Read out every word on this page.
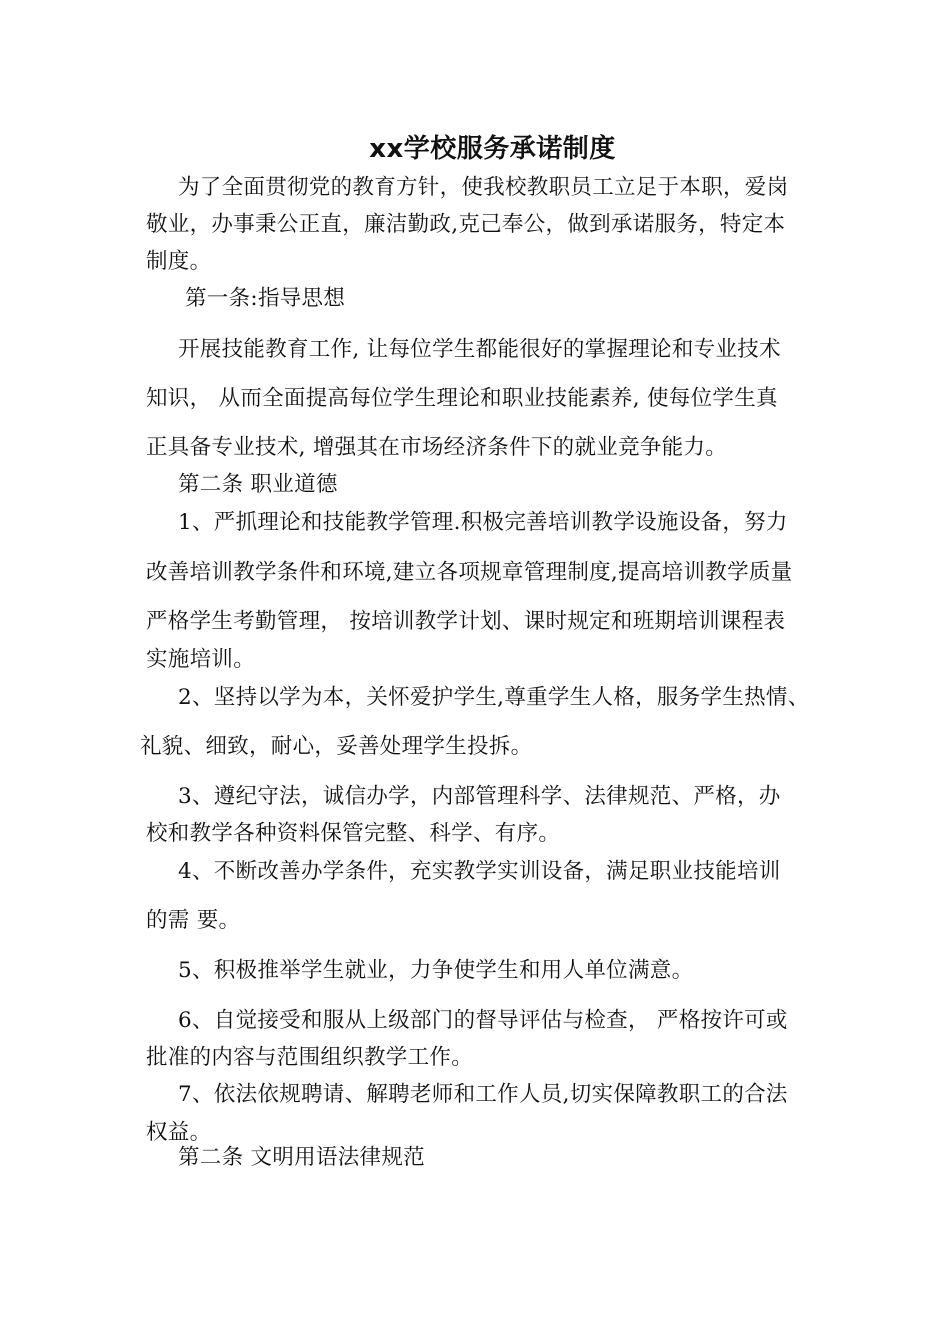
xx学校服务承诺制度
为了全面贯彻党的教育方针，使我校教职员工立足于本职，爱岗
敬业，办事秉公正直，廉洁勤政,克己奉公，做到承诺服务，特定本
制度。
第一条:指导思想
开展技能教育工作, 让每位学生都能很好的掌握理论和专业技术
知识， 从而全面提高每位学生理论和职业技能素养, 使每位学生真
正具备专业技术, 增强其在市场经济条件下的就业竞争能力。
第二条 职业道德
1、严抓理论和技能教学管理.积极完善培训教学设施设备，努力
改善培训教学条件和环境,建立各项规章管理制度,提高培训教学质量
严格学生考勤管理， 按培训教学计划、课时规定和班期培训课程表
实施培训。
2、坚持以学为本，关怀爱护学生,尊重学生人格，服务学生热情、
礼貌、细致，耐心，妥善处理学生投拆。
3、遵纪守法，诚信办学，内部管理科学、法律规范、严格，办
校和教学各种资料保管完整、科学、有序。
4、不断改善办学条件，充实教学实训设备，满足职业技能培训
的需 要。
5、积极推举学生就业，力争使学生和用人单位满意。
6、自觉接受和服从上级部门的督导评估与检查， 严格按许可或
批准的内容与范围组织教学工作。
7、依法依规聘请、解聘老师和工作人员,切实保障教职工的合法
权益。
第二条 文明用语法律规范
